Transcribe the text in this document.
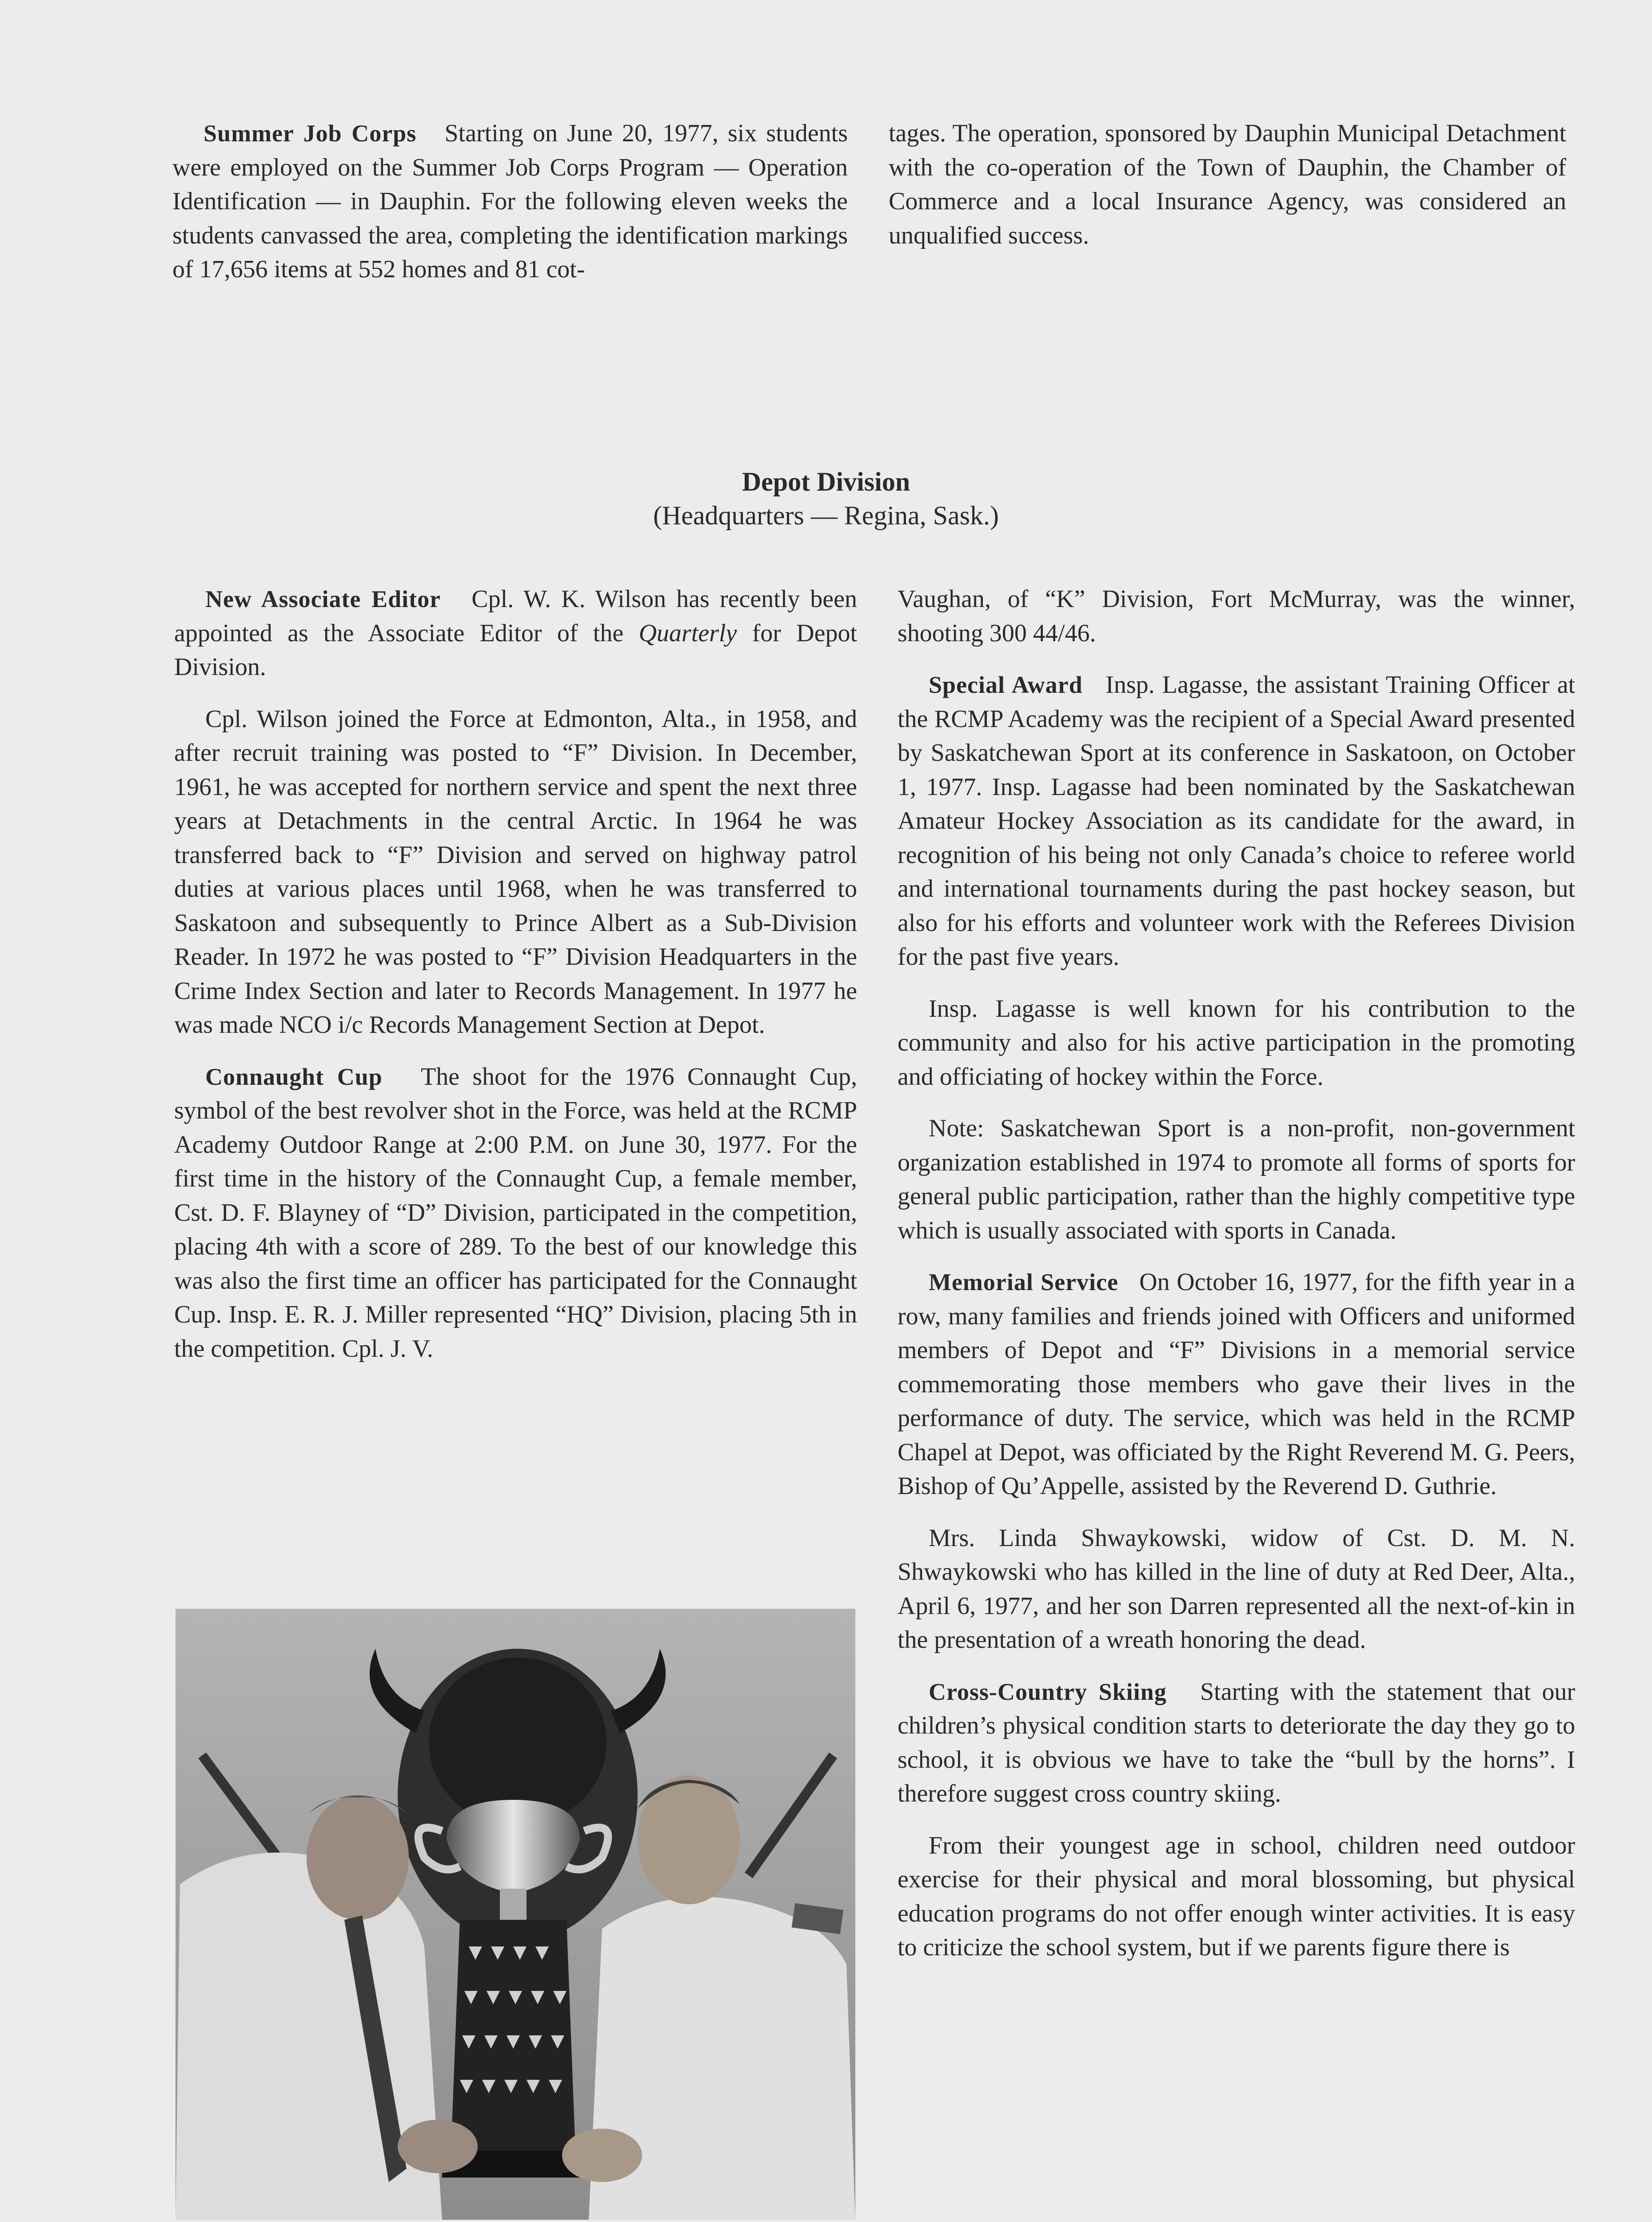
Summer Job Corps Starting on June 20, 1977, six students were employed on the Summer Job Corps Program — Operation Identification — in Dauphin. For the following eleven weeks the students canvassed the area, completing the identification markings of 17,656 items at 552 homes and 81 cot-

tages. The operation, sponsored by Dauphin Municipal Detachment with the co-operation of the Town of Dauphin, the Chamber of Commerce and a local Insurance Agency, was considered an unqualified success.

Depot Division
(Headquarters — Regina, Sask.)

New Associate Editor Cpl. W. K. Wilson has recently been appointed as the Associate Editor of the Quarterly for Depot Division.

Cpl. Wilson joined the Force at Edmonton, Alta., in 1958, and after recruit training was posted to “F” Division. In December, 1961, he was accepted for northern service and spent the next three years at Detachments in the central Arctic. In 1964 he was transferred back to “F” Division and served on highway patrol duties at various places until 1968, when he was transferred to Saskatoon and subsequently to Prince Albert as a Sub-Division Reader. In 1972 he was posted to “F” Division Headquarters in the Crime Index Section and later to Records Management. In 1977 he was made NCO i/c Records Management Section at Depot.

Connaught Cup The shoot for the 1976 Connaught Cup, symbol of the best revolver shot in the Force, was held at the RCMP Academy Outdoor Range at 2:00 P.M. on June 30, 1977. For the first time in the history of the Connaught Cup, a female member, Cst. D. F. Blayney of “D” Division, participated in the competition, placing 4th with a score of 289. To the best of our knowledge this was also the first time an officer has participated for the Connaught Cup. Insp. E. R. J. Miller represented “HQ” Division, placing 5th in the competition. Cpl. J. V.

Vaughan, of “K” Division, Fort McMurray, was the winner, shooting 300 44/46.

Special Award Insp. Lagasse, the assistant Training Officer at the RCMP Academy was the recipient of a Special Award presented by Saskatchewan Sport at its conference in Saskatoon, on October 1, 1977. Insp. Lagasse had been nominated by the Saskatchewan Amateur Hockey Association as its candidate for the award, in recognition of his being not only Canada’s choice to referee world and international tournaments during the past hockey season, but also for his efforts and volunteer work with the Referees Division for the past five years.

Insp. Lagasse is well known for his contribution to the community and also for his active participation in the promoting and officiating of hockey within the Force.

Note: Saskatchewan Sport is a non-profit, non-government organization established in 1974 to promote all forms of sports for general public participation, rather than the highly competitive type which is usually associated with sports in Canada.

Memorial Service On October 16, 1977, for the fifth year in a row, many families and friends joined with Officers and uniformed members of Depot and “F” Divisions in a memorial service commemorating those members who gave their lives in the performance of duty. The service, which was held in the RCMP Chapel at Depot, was officiated by the Right Reverend M. G. Peers, Bishop of Qu’Appelle, assisted by the Reverend D. Guthrie.

Mrs. Linda Shwaykowski, widow of Cst. D. M. N. Shwaykowski who has killed in the line of duty at Red Deer, Alta., April 6, 1977, and her son Darren represented all the next-of-kin in the presentation of a wreath honoring the dead.

Cross-Country Skiing Starting with the statement that our children’s physical condition starts to deteriorate the day they go to school, it is obvious we have to take the “bull by the horns”. I therefore suggest cross country skiing.

From their youngest age in school, children need outdoor exercise for their physical and moral blossoming, but physical education programs do not offer enough winter activities. It is easy to criticize the school system, but if we parents figure there is
